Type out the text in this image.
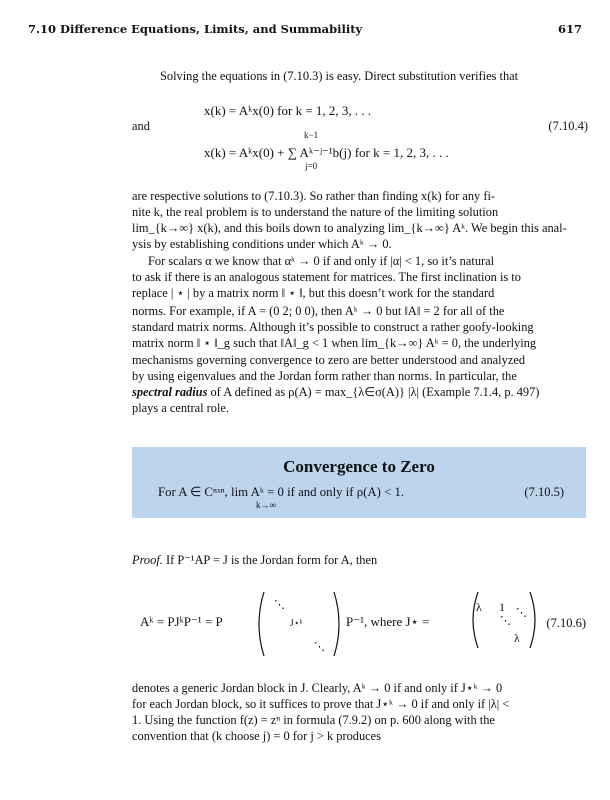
7.10 Difference Equations, Limits, and Summability	617
Solving the equations in (7.10.3) is easy. Direct substitution verifies that
x(k) = Aᵏx(0) for k = 1, 2, 3, . . .
and	(7.10.4)
k−1
x(k) = Aᵏx(0) + ∑ Aᵏ⁻ʲ⁻¹b(j) for k = 1, 2, 3, . . .
j=0
are respective solutions to (7.10.3). So rather than finding x(k) for any fi-
nite k, the real problem is to understand the nature of the limiting solution
lim_{k→∞} x(k), and this boils down to analyzing lim_{k→∞} Aᵏ. We begin this anal-
ysis by establishing conditions under which Aᵏ → 0.
For scalars α we know that αᵏ → 0 if and only if |α| < 1, so it’s natural
to ask if there is an analogous statement for matrices. The first inclination is to
replace | ⋆ | by a matrix norm ‖ ⋆ ‖, but this doesn’t work for the standard
norms. For example, if A = (0 2; 0 0), then Aᵏ → 0 but ‖A‖ = 2 for all of the
standard matrix norms. Although it’s possible to construct a rather goofy-looking
matrix norm ‖ ⋆ ‖_g such that ‖A‖_g < 1 when lim_{k→∞} Aᵏ = 0, the underlying
mechanisms governing convergence to zero are better understood and analyzed
by using eigenvalues and the Jordan form rather than norms. In particular, the
spectral radius of A defined as ρ(A) = max_{λ∈σ(A)} |λ| (Example 7.1.4, p. 497)
plays a central role.
Convergence to Zero
For A ∈ Cⁿˣⁿ, lim Aᵏ = 0 if and only if ρ(A) < 1.
k→∞
(7.10.5)
Proof. If P⁻¹AP = J is the Jordan form for A, then
Aᵏ = PJᵏP⁻¹ = P
⋱
⋱
J⋆ᵏ	P⁻¹, where J⋆ =	⋱
⋱
λ 1
λ
(7.10.6)
denotes a generic Jordan block in J. Clearly, Aᵏ → 0 if and only if J⋆ᵏ → 0
for each Jordan block, so it suffices to prove that J⋆ᵏ → 0 if and only if |λ| <
1. Using the function f(z) = zⁿ in formula (7.9.2) on p. 600 along with the
convention that (k choose j) = 0 for j > k produces
